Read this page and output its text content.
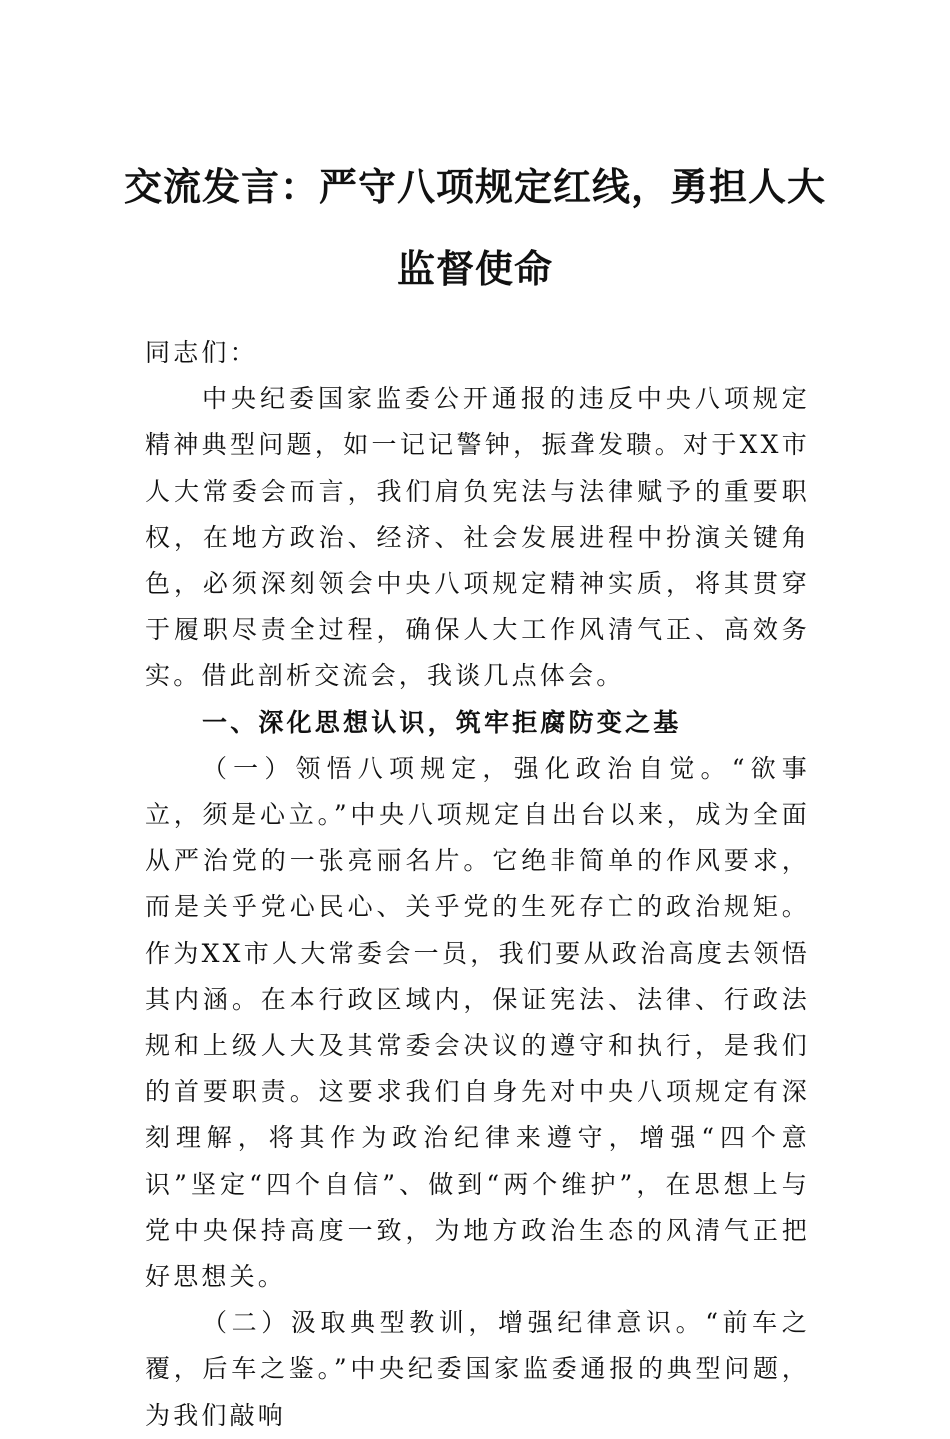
交流发言：严守八项规定红线，勇担人大
监督使命

同志们：

中央纪委国家监委公开通报的违反中央八项规定精神典型问题，如一记记警钟，振聋发聩。对于XX市人大常委会而言，我们肩负宪法与法律赋予的重要职权，在地方政治、经济、社会发展进程中扮演关键角色，必须深刻领会中央八项规定精神实质，将其贯穿于履职尽责全过程，确保人大工作风清气正、高效务实。借此剖析交流会，我谈几点体会。

一、深化思想认识，筑牢拒腐防变之基

（一）领悟八项规定，强化政治自觉。“欲事立，须是心立。”中央八项规定自出台以来，成为全面从严治党的一张亮丽名片。它绝非简单的作风要求，而是关乎党心民心、关乎党的生死存亡的政治规矩。作为XX市人大常委会一员，我们要从政治高度去领悟其内涵。在本行政区域内，保证宪法、法律、行政法规和上级人大及其常委会决议的遵守和执行，是我们的首要职责。这要求我们自身先对中央八项规定有深刻理解，将其作为政治纪律来遵守，增强“四个意识”坚定“四个自信”、做到“两个维护”，在思想上与党中央保持高度一致，为地方政治生态的风清气正把好思想关。

（二）汲取典型教训，增强纪律意识。“前车之覆，后车之鉴。”中央纪委国家监委通报的典型问题，为我们敲响
